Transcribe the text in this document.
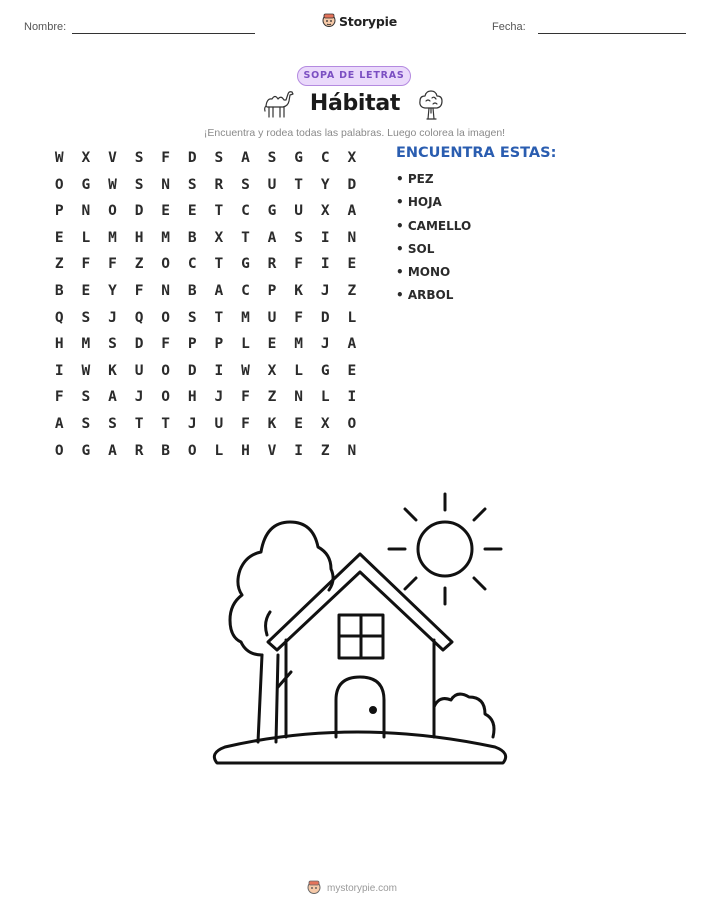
Nombre:	Storypie	Fecha:
SOPA DE LETRAS
Hábitat
¡Encuentra y rodea todas las palabras. Luego colorea la imagen!
W	X	V	S	F	D	S	A	S	G	C	X
O	G	W	S	N	S	R	S	U	T	Y	D
P	N	O	D	E	E	T	C	G	U	X	A
E	L	M	H	M	B	X	T	A	S	I	N
Z	F	F	Z	O	C	T	G	R	F	I	E
B	E	Y	F	N	B	A	C	P	K	J	Z
Q	S	J	Q	O	S	T	M	U	F	D	L
H	M	S	D	F	P	P	L	E	M	J	A
I	W	K	U	O	D	I	W	X	L	G	E
F	S	A	J	O	H	J	F	Z	N	L	I
A	S	S	T	T	J	U	F	K	E	X	O
O	G	A	R	B	O	L	H	V	I	Z	N
ENCUENTRA ESTAS:
• PEZ
• HOJA
• CAMELLO
• SOL
• MONO
• ARBOL
mystorypie.com
